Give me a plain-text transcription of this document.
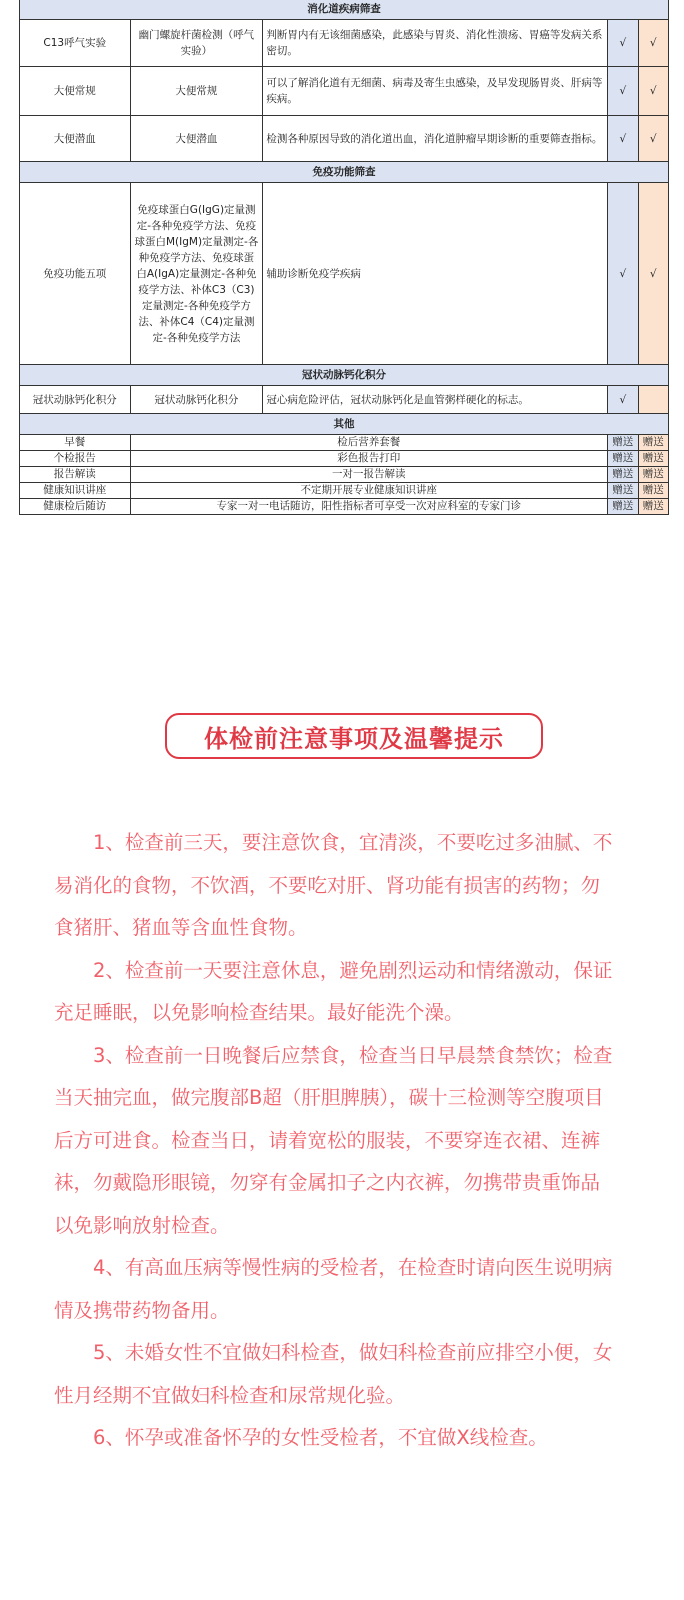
消化道疾病筛查				
C13呼气实验	幽门螺旋杆菌检测（呼气实验）	判断胃内有无该细菌感染，此感染与胃炎、消化性溃疡、胃癌等发病关系密切。	√	√
大便常规	大便常规	可以了解消化道有无细菌、病毒及寄生虫感染，及早发现肠胃炎、肝病等疾病。	√	√
大便潜血	大便潜血	检测各种原因导致的消化道出血，消化道肿瘤早期诊断的重要筛查指标。	√	√
免疫功能筛查				
免疫功能五项	免疫球蛋白G(IgG)定量测定-各种免疫学方法、免疫球蛋白M(IgM)定量测定-各种免疫学方法、免疫球蛋白A(IgA)定量测定-各种免疫学方法、补体C3（C3)定量测定-各种免疫学方法、补体C4（C4)定量测定-各种免疫学方法	辅助诊断免疫学疾病	√	√
冠状动脉钙化积分				
冠状动脉钙化积分	冠状动脉钙化积分	冠心病危险评估，冠状动脉钙化是血管粥样硬化的标志。	√	
其他				
早餐	检后营养套餐		赠送	赠送
个检报告	彩色报告打印		赠送	赠送
报告解读	一对一报告解读		赠送	赠送
健康知识讲座	不定期开展专业健康知识讲座		赠送	赠送
健康检后随访	专家一对一电话随访，阳性指标者可享受一次对应科室的专家门诊		赠送	赠送
体检前注意事项及温馨提示

1、检查前三天，要注意饮食，宜清淡，不要吃过多油腻、不易消化的食物，不饮酒，不要吃对肝、肾功能有损害的药物；勿食猪肝、猪血等含血性食物。

2、检查前一天要注意休息，避免剧烈运动和情绪激动，保证充足睡眠，以免影响检查结果。最好能洗个澡。

3、检查前一日晚餐后应禁食，检查当日早晨禁食禁饮；检查当天抽完血，做完腹部B超（肝胆脾胰），碳十三检测等空腹项目后方可进食。检查当日，请着宽松的服装，不要穿连衣裙、连裤袜，勿戴隐形眼镜，勿穿有金属扣子之内衣裤，勿携带贵重饰品以免影响放射检查。

4、有高血压病等慢性病的受检者，在检查时请向医生说明病情及携带药物备用。

5、未婚女性不宜做妇科检查，做妇科检查前应排空小便，女性月经期不宜做妇科检查和尿常规化验。

6、怀孕或准备怀孕的女性受检者，不宜做X线检查。
